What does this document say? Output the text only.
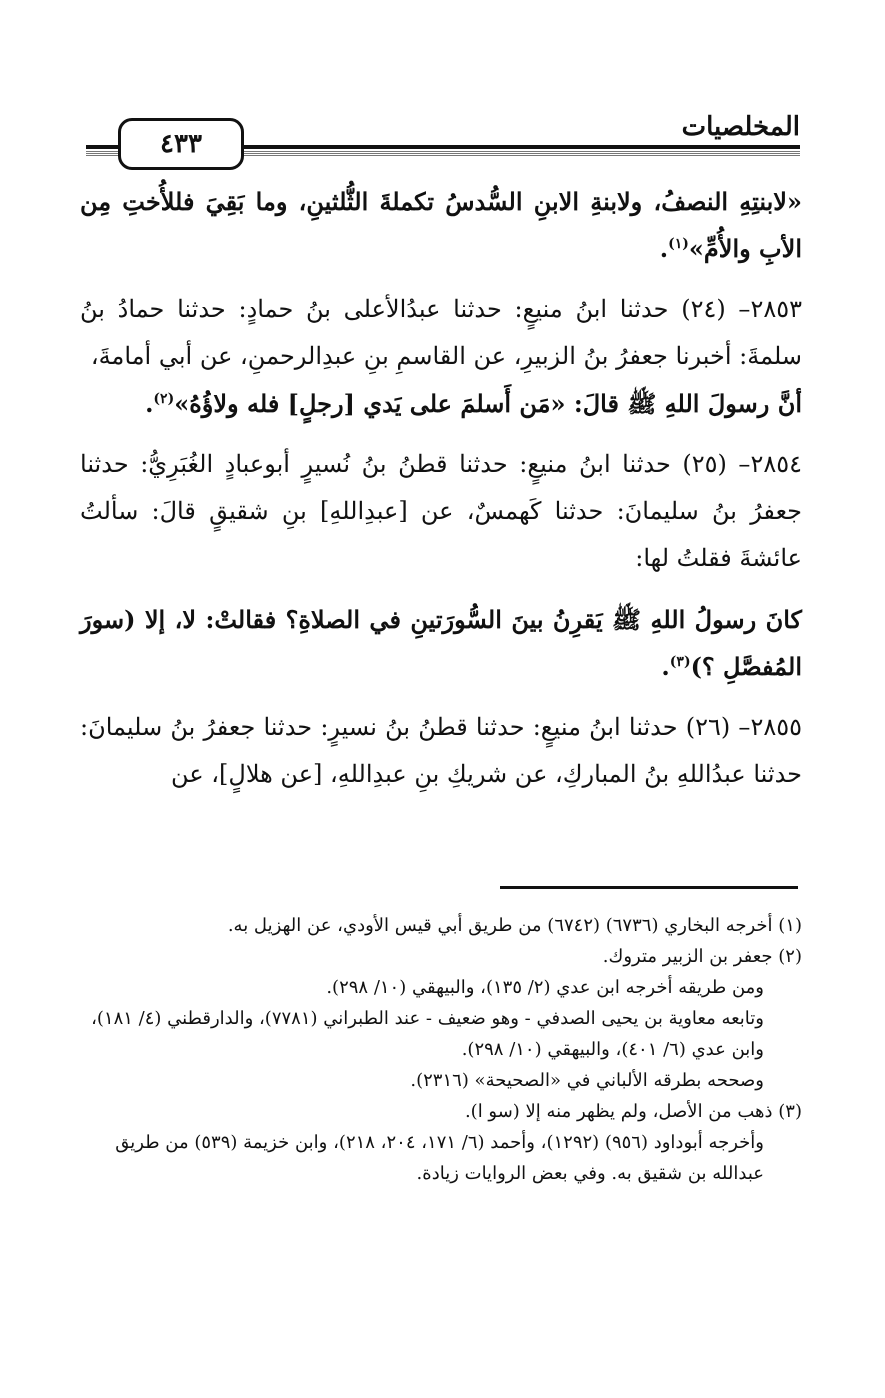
المخلصيات
٤٣٣

«لابنتِهِ النصفُ، ولابنةِ الابنِ السُّدسُ تكملةَ الثُّلثينِ، وما بَقِيَ فللأُختِ مِن الأبِ والأُمِّ»$^{(١)}$.

٢٨٥٣– (٢٤) حدثنا ابنُ منيعٍ: حدثنا عبدُالأعلى بنُ حمادٍ: حدثنا حمادُ بنُ سلمةَ: أخبرنا جعفرُ بنُ الزبيرِ، عن القاسمِ بنِ عبدِالرحمنِ، عن أبي أمامةَ،

أنَّ رسولَ اللهِ ﷺ قالَ: «مَن أَسلمَ على يَدي [رجلٍ] فله ولاؤُهُ»$^{(٢)}$.

٢٨٥٤– (٢٥) حدثنا ابنُ منيعٍ: حدثنا قطنُ بنُ نُسيرٍ أبوعبادٍ الغُبَرِيُّ: حدثنا جعفرُ بنُ سليمانَ: حدثنا كَهمسٌ، عن [عبدِاللهِ] بنِ شقيقٍ قالَ: سألتُ عائشةَ فقلتُ لها:

كانَ رسولُ اللهِ ﷺ يَقرِنُ بينَ السُّورَتينِ في الصلاةِ؟ فقالتْ: لا، إلا (سورَ المُفصَّلِ ؟)$^{(٣)}$.

٢٨٥٥– (٢٦) حدثنا ابنُ منيعٍ: حدثنا قطنُ بنُ نسيرٍ: حدثنا جعفرُ بنُ سليمانَ: حدثنا عبدُاللهِ بنُ المباركِ، عن شريكِ بنِ عبدِاللهِ، [عن هلالٍ]، عن

(١) أخرجه البخاري (٦٧٣٦) (٦٧٤٢) من طريق أبي قيس الأودي، عن الهزيل به.

(٢) جعفر بن الزبير متروك.

ومن طريقه أخرجه ابن عدي (٢/ ١٣٥)، والبيهقي (١٠/ ٢٩٨).

وتابعه معاوية بن يحيى الصدفي - وهو ضعيف - عند الطبراني (٧٧٨١)، والدارقطني (٤/ ١٨١)، وابن عدي (٦/ ٤٠١)، والبيهقي (١٠/ ٢٩٨).

وصححه بطرقه الألباني في «الصحيحة» (٢٣١٦).

(٣) ذهب من الأصل، ولم يظهر منه إلا (سو ا).

وأخرجه أبوداود (٩٥٦) (١٢٩٢)، وأحمد (٦/ ١٧١، ٢٠٤، ٢١٨)، وابن خزيمة (٥٣٩) من طريق عبدالله بن شقيق به. وفي بعض الروايات زيادة.
